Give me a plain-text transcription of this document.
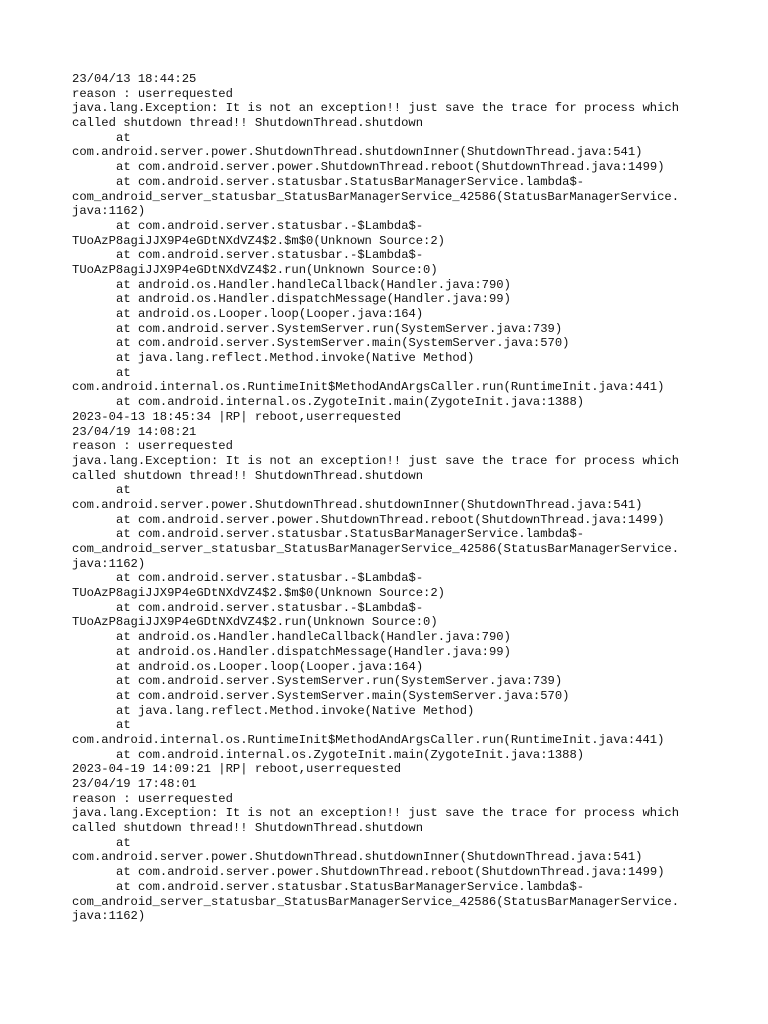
23/04/13 18:44:25
reason : userrequested
java.lang.Exception: It is not an exception!! just save the trace for process which
called shutdown thread!! ShutdownThread.shutdown
at
com.android.server.power.ShutdownThread.shutdownInner(ShutdownThread.java:541)
at com.android.server.power.ShutdownThread.reboot(ShutdownThread.java:1499)
at com.android.server.statusbar.StatusBarManagerService.lambda$-
com_android_server_statusbar_StatusBarManagerService_42586(StatusBarManagerService.
java:1162)
at com.android.server.statusbar.-$Lambda$-
TUoAzP8agiJJX9P4eGDtNXdVZ4$2.$m$0(Unknown Source:2)
at com.android.server.statusbar.-$Lambda$-
TUoAzP8agiJJX9P4eGDtNXdVZ4$2.run(Unknown Source:0)
at android.os.Handler.handleCallback(Handler.java:790)
at android.os.Handler.dispatchMessage(Handler.java:99)
at android.os.Looper.loop(Looper.java:164)
at com.android.server.SystemServer.run(SystemServer.java:739)
at com.android.server.SystemServer.main(SystemServer.java:570)
at java.lang.reflect.Method.invoke(Native Method)
at
com.android.internal.os.RuntimeInit$MethodAndArgsCaller.run(RuntimeInit.java:441)
at com.android.internal.os.ZygoteInit.main(ZygoteInit.java:1388)
2023-04-13 18:45:34 |RP| reboot,userrequested
23/04/19 14:08:21
reason : userrequested
java.lang.Exception: It is not an exception!! just save the trace for process which
called shutdown thread!! ShutdownThread.shutdown
at
com.android.server.power.ShutdownThread.shutdownInner(ShutdownThread.java:541)
at com.android.server.power.ShutdownThread.reboot(ShutdownThread.java:1499)
at com.android.server.statusbar.StatusBarManagerService.lambda$-
com_android_server_statusbar_StatusBarManagerService_42586(StatusBarManagerService.
java:1162)
at com.android.server.statusbar.-$Lambda$-
TUoAzP8agiJJX9P4eGDtNXdVZ4$2.$m$0(Unknown Source:2)
at com.android.server.statusbar.-$Lambda$-
TUoAzP8agiJJX9P4eGDtNXdVZ4$2.run(Unknown Source:0)
at android.os.Handler.handleCallback(Handler.java:790)
at android.os.Handler.dispatchMessage(Handler.java:99)
at android.os.Looper.loop(Looper.java:164)
at com.android.server.SystemServer.run(SystemServer.java:739)
at com.android.server.SystemServer.main(SystemServer.java:570)
at java.lang.reflect.Method.invoke(Native Method)
at
com.android.internal.os.RuntimeInit$MethodAndArgsCaller.run(RuntimeInit.java:441)
at com.android.internal.os.ZygoteInit.main(ZygoteInit.java:1388)
2023-04-19 14:09:21 |RP| reboot,userrequested
23/04/19 17:48:01
reason : userrequested
java.lang.Exception: It is not an exception!! just save the trace for process which
called shutdown thread!! ShutdownThread.shutdown
at
com.android.server.power.ShutdownThread.shutdownInner(ShutdownThread.java:541)
at com.android.server.power.ShutdownThread.reboot(ShutdownThread.java:1499)
at com.android.server.statusbar.StatusBarManagerService.lambda$-
com_android_server_statusbar_StatusBarManagerService_42586(StatusBarManagerService.
java:1162)
